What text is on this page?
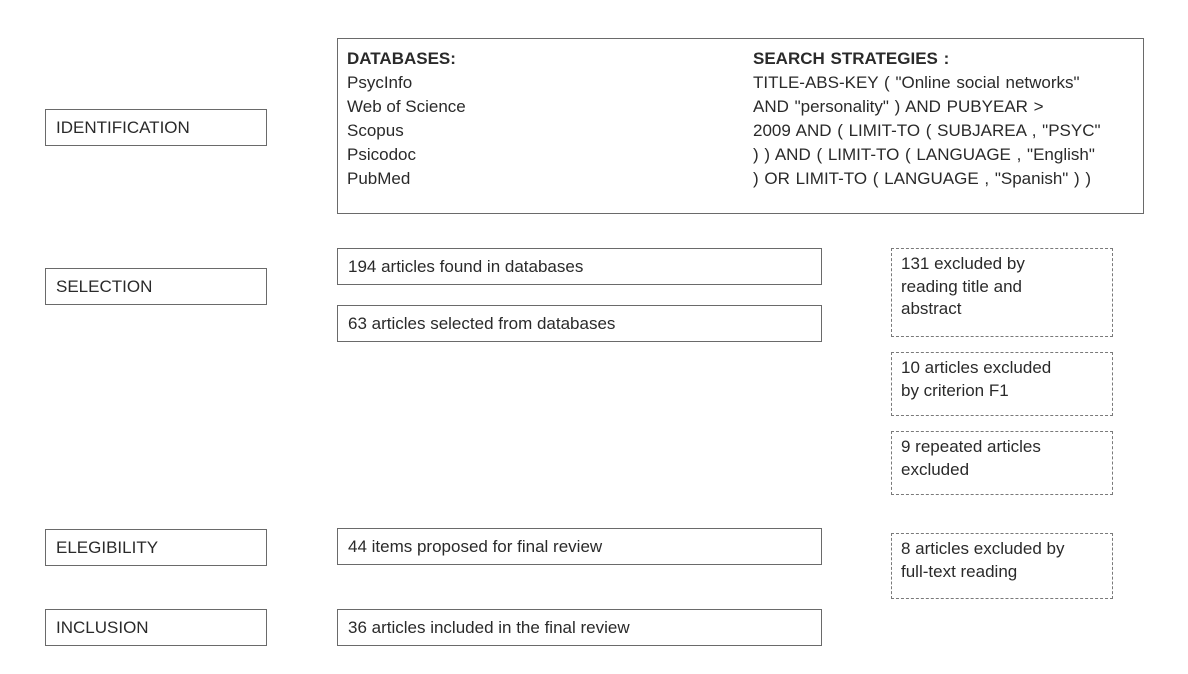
IDENTIFICATION
SELECTION
ELEGIBILITY
INCLUSION
DATABASES:
PsycInfo
Web of Science
Scopus
Psicodoc
PubMed
SEARCH STRATEGIES :
TITLE-ABS-KEY ( "Online social networks"
AND "personality" ) AND PUBYEAR >
2009 AND ( LIMIT-TO ( SUBJAREA , "PSYC"
) ) AND ( LIMIT-TO ( LANGUAGE , "English"
) OR LIMIT-TO ( LANGUAGE , "Spanish" ) )
194 articles found in databases
63 articles selected from databases
44 items proposed for final review
36 articles included in the final review
131 excluded by
reading title and
abstract
10 articles excluded
by criterion F1
9 repeated articles
excluded
8 articles excluded by
full-text reading
